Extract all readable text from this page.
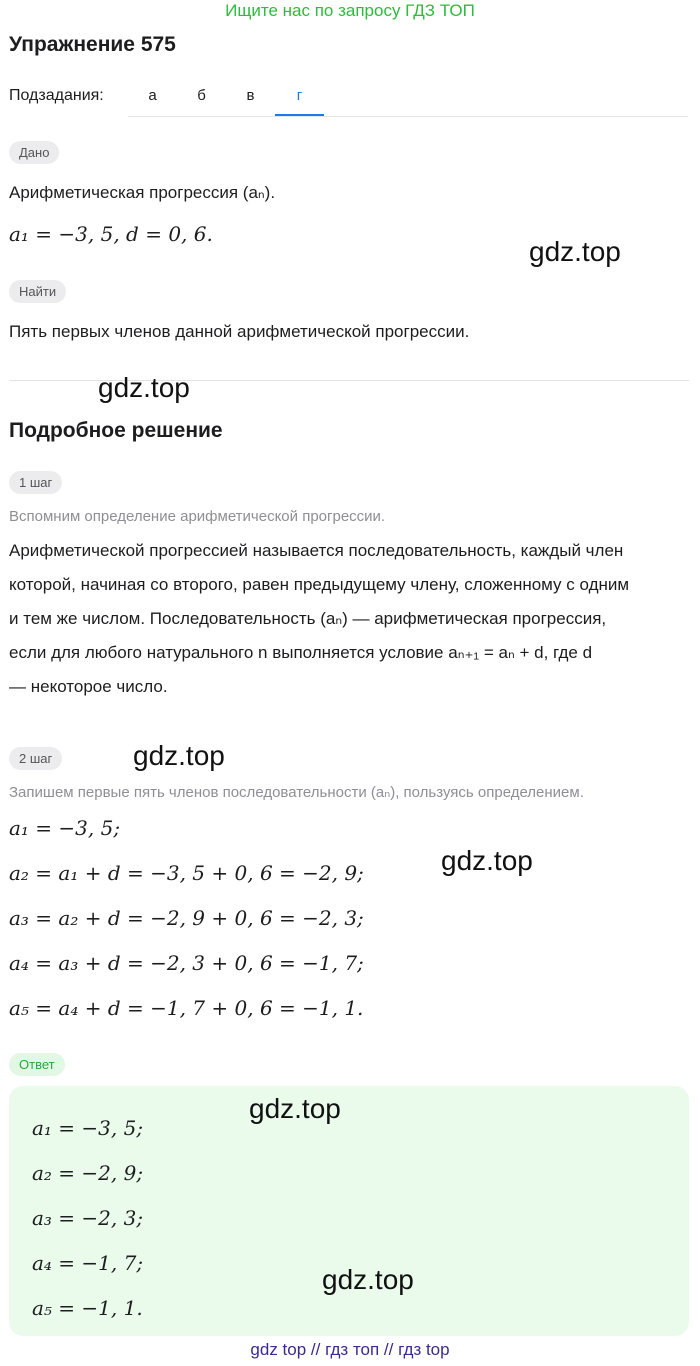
Ищите нас по запросу ГДЗ ТОП
Упражнение 575
Подзадания:	а	б	в	г
Дано
Арифметическая прогрессия (aₙ).
a₁ = −3, 5, d = 0, 6.
Найти
Пять первых членов данной арифметической прогрессии.
Подробное решение
1 шаг
Вспомним определение арифметической прогрессии.
Арифметической прогрессией называется последовательность, каждый член
которой, начиная со второго, равен предыдущему члену, сложенному с одним
и тем же числом. Последовательность (aₙ) — арифметическая прогрессия,
если для любого натурального n выполняется условие aₙ₊₁ = aₙ + d, где d
— некоторое число.
2 шаг
Запишем первые пять членов последовательности (aₙ), пользуясь определением.
a₁ = −3, 5;
a₂ = a₁ + d = −3, 5 + 0, 6 = −2, 9;
a₃ = a₂ + d = −2, 9 + 0, 6 = −2, 3;
a₄ = a₃ + d = −2, 3 + 0, 6 = −1, 7;
a₅ = a₄ + d = −1, 7 + 0, 6 = −1, 1.
Ответ
a₁ = −3, 5;
a₂ = −2, 9;
a₃ = −2, 3;
a₄ = −1, 7;
a₅ = −1, 1.
gdz.top
gdz.top
gdz.top
gdz.top
gdz.top
gdz.top
gdz top // гдз топ // гдз top
